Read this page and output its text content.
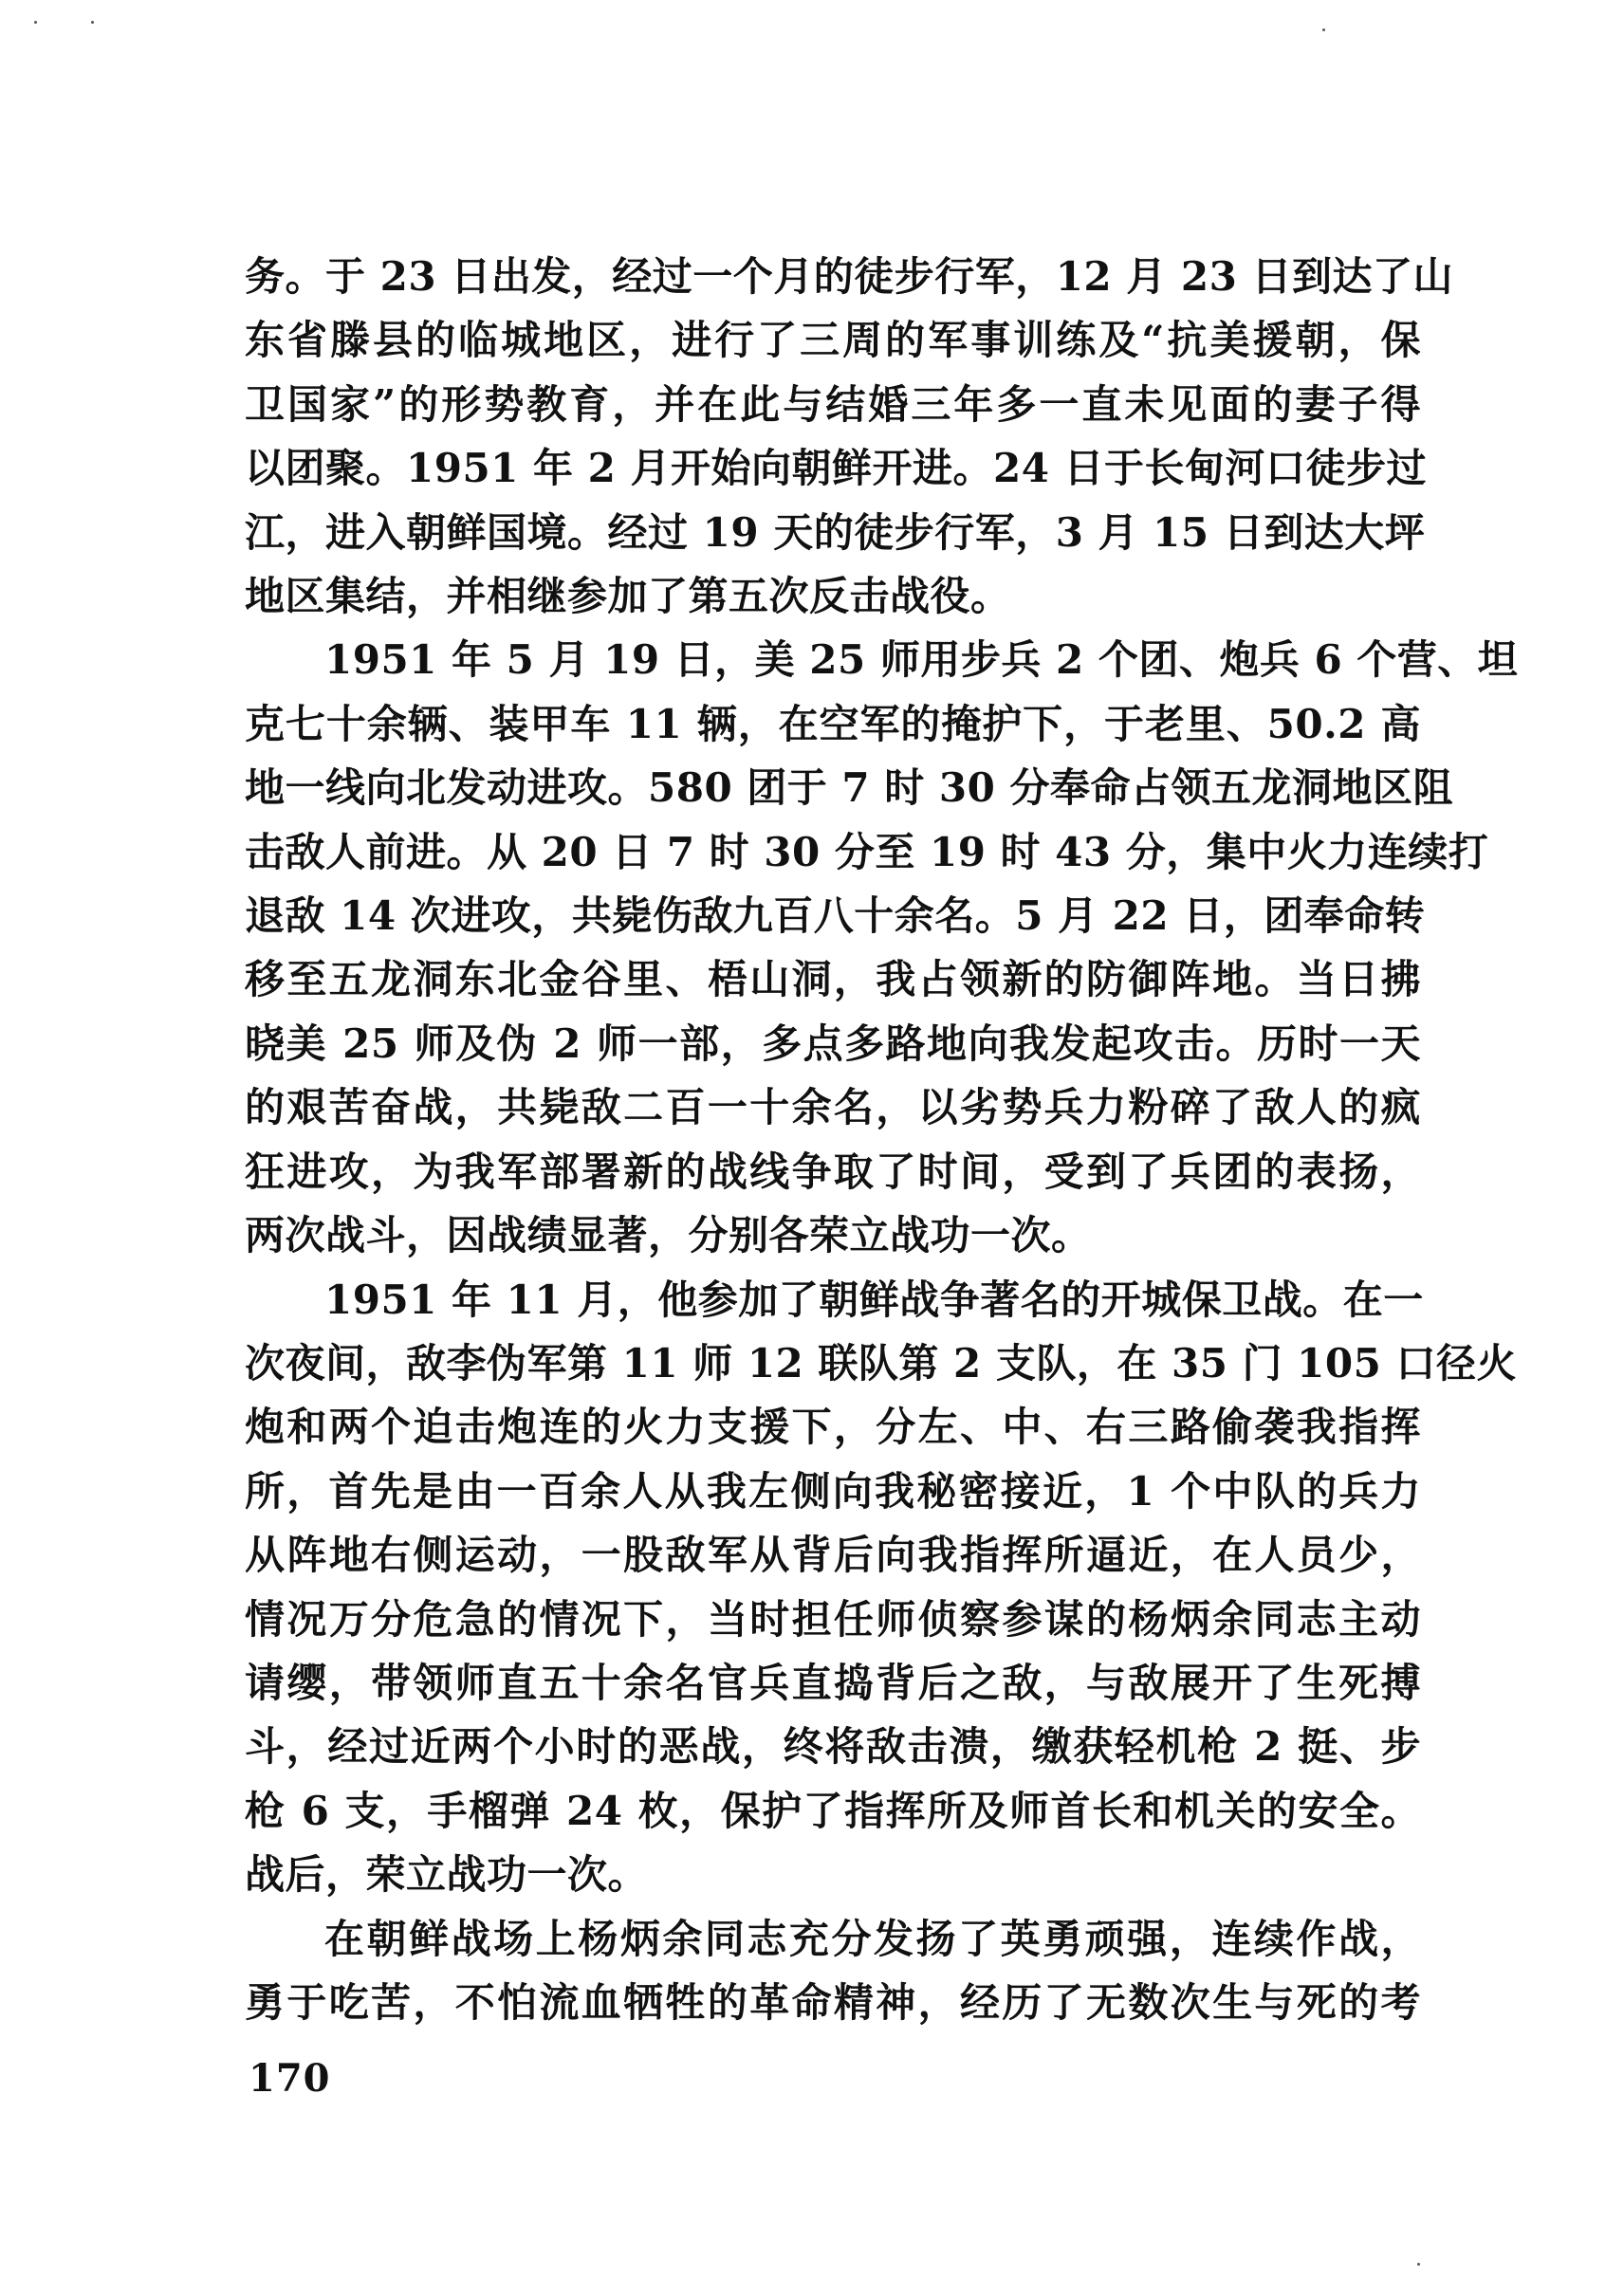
务。于 23 日出发，经过一个月的徒步行军，12 月 23 日到达了山
东省滕县的临城地区，进行了三周的军事训练及“抗美援朝，保
卫国家”的形势教育，并在此与结婚三年多一直未见面的妻子得
以团聚。1951 年 2 月开始向朝鲜开进。24 日于长甸河口徒步过
江，进入朝鲜国境。经过 19 天的徒步行军，3 月 15 日到达大坪
地区集结，并相继参加了第五次反击战役。

1951 年 5 月 19 日，美 25 师用步兵 2 个团、炮兵 6 个营、坦
克七十余辆、装甲车 11 辆，在空军的掩护下，于老里、50.2 高
地一线向北发动进攻。580 团于 7 时 30 分奉命占领五龙洞地区阻
击敌人前进。从 20 日 7 时 30 分至 19 时 43 分，集中火力连续打
退敌 14 次进攻，共毙伤敌九百八十余名。5 月 22 日，团奉命转
移至五龙洞东北金谷里、梧山洞，我占领新的防御阵地。当日拂
晓美 25 师及伪 2 师一部，多点多路地向我发起攻击。历时一天
的艰苦奋战，共毙敌二百一十余名，以劣势兵力粉碎了敌人的疯
狂进攻，为我军部署新的战线争取了时间，受到了兵团的表扬，
两次战斗，因战绩显著，分别各荣立战功一次。

1951 年 11 月，他参加了朝鲜战争著名的开城保卫战。在一
次夜间，敌李伪军第 11 师 12 联队第 2 支队，在 35 门 105 口径火
炮和两个迫击炮连的火力支援下，分左、中、右三路偷袭我指挥
所，首先是由一百余人从我左侧向我秘密接近，1 个中队的兵力
从阵地右侧运动，一股敌军从背后向我指挥所逼近，在人员少，
情况万分危急的情况下，当时担任师侦察参谋的杨炳余同志主动
请缨，带领师直五十余名官兵直捣背后之敌，与敌展开了生死搏
斗，经过近两个小时的恶战，终将敌击溃，缴获轻机枪 2 挺、步
枪 6 支，手榴弹 24 枚，保护了指挥所及师首长和机关的安全。
战后，荣立战功一次。

在朝鲜战场上杨炳余同志充分发扬了英勇顽强，连续作战，
勇于吃苦，不怕流血牺牲的革命精神，经历了无数次生与死的考

170
